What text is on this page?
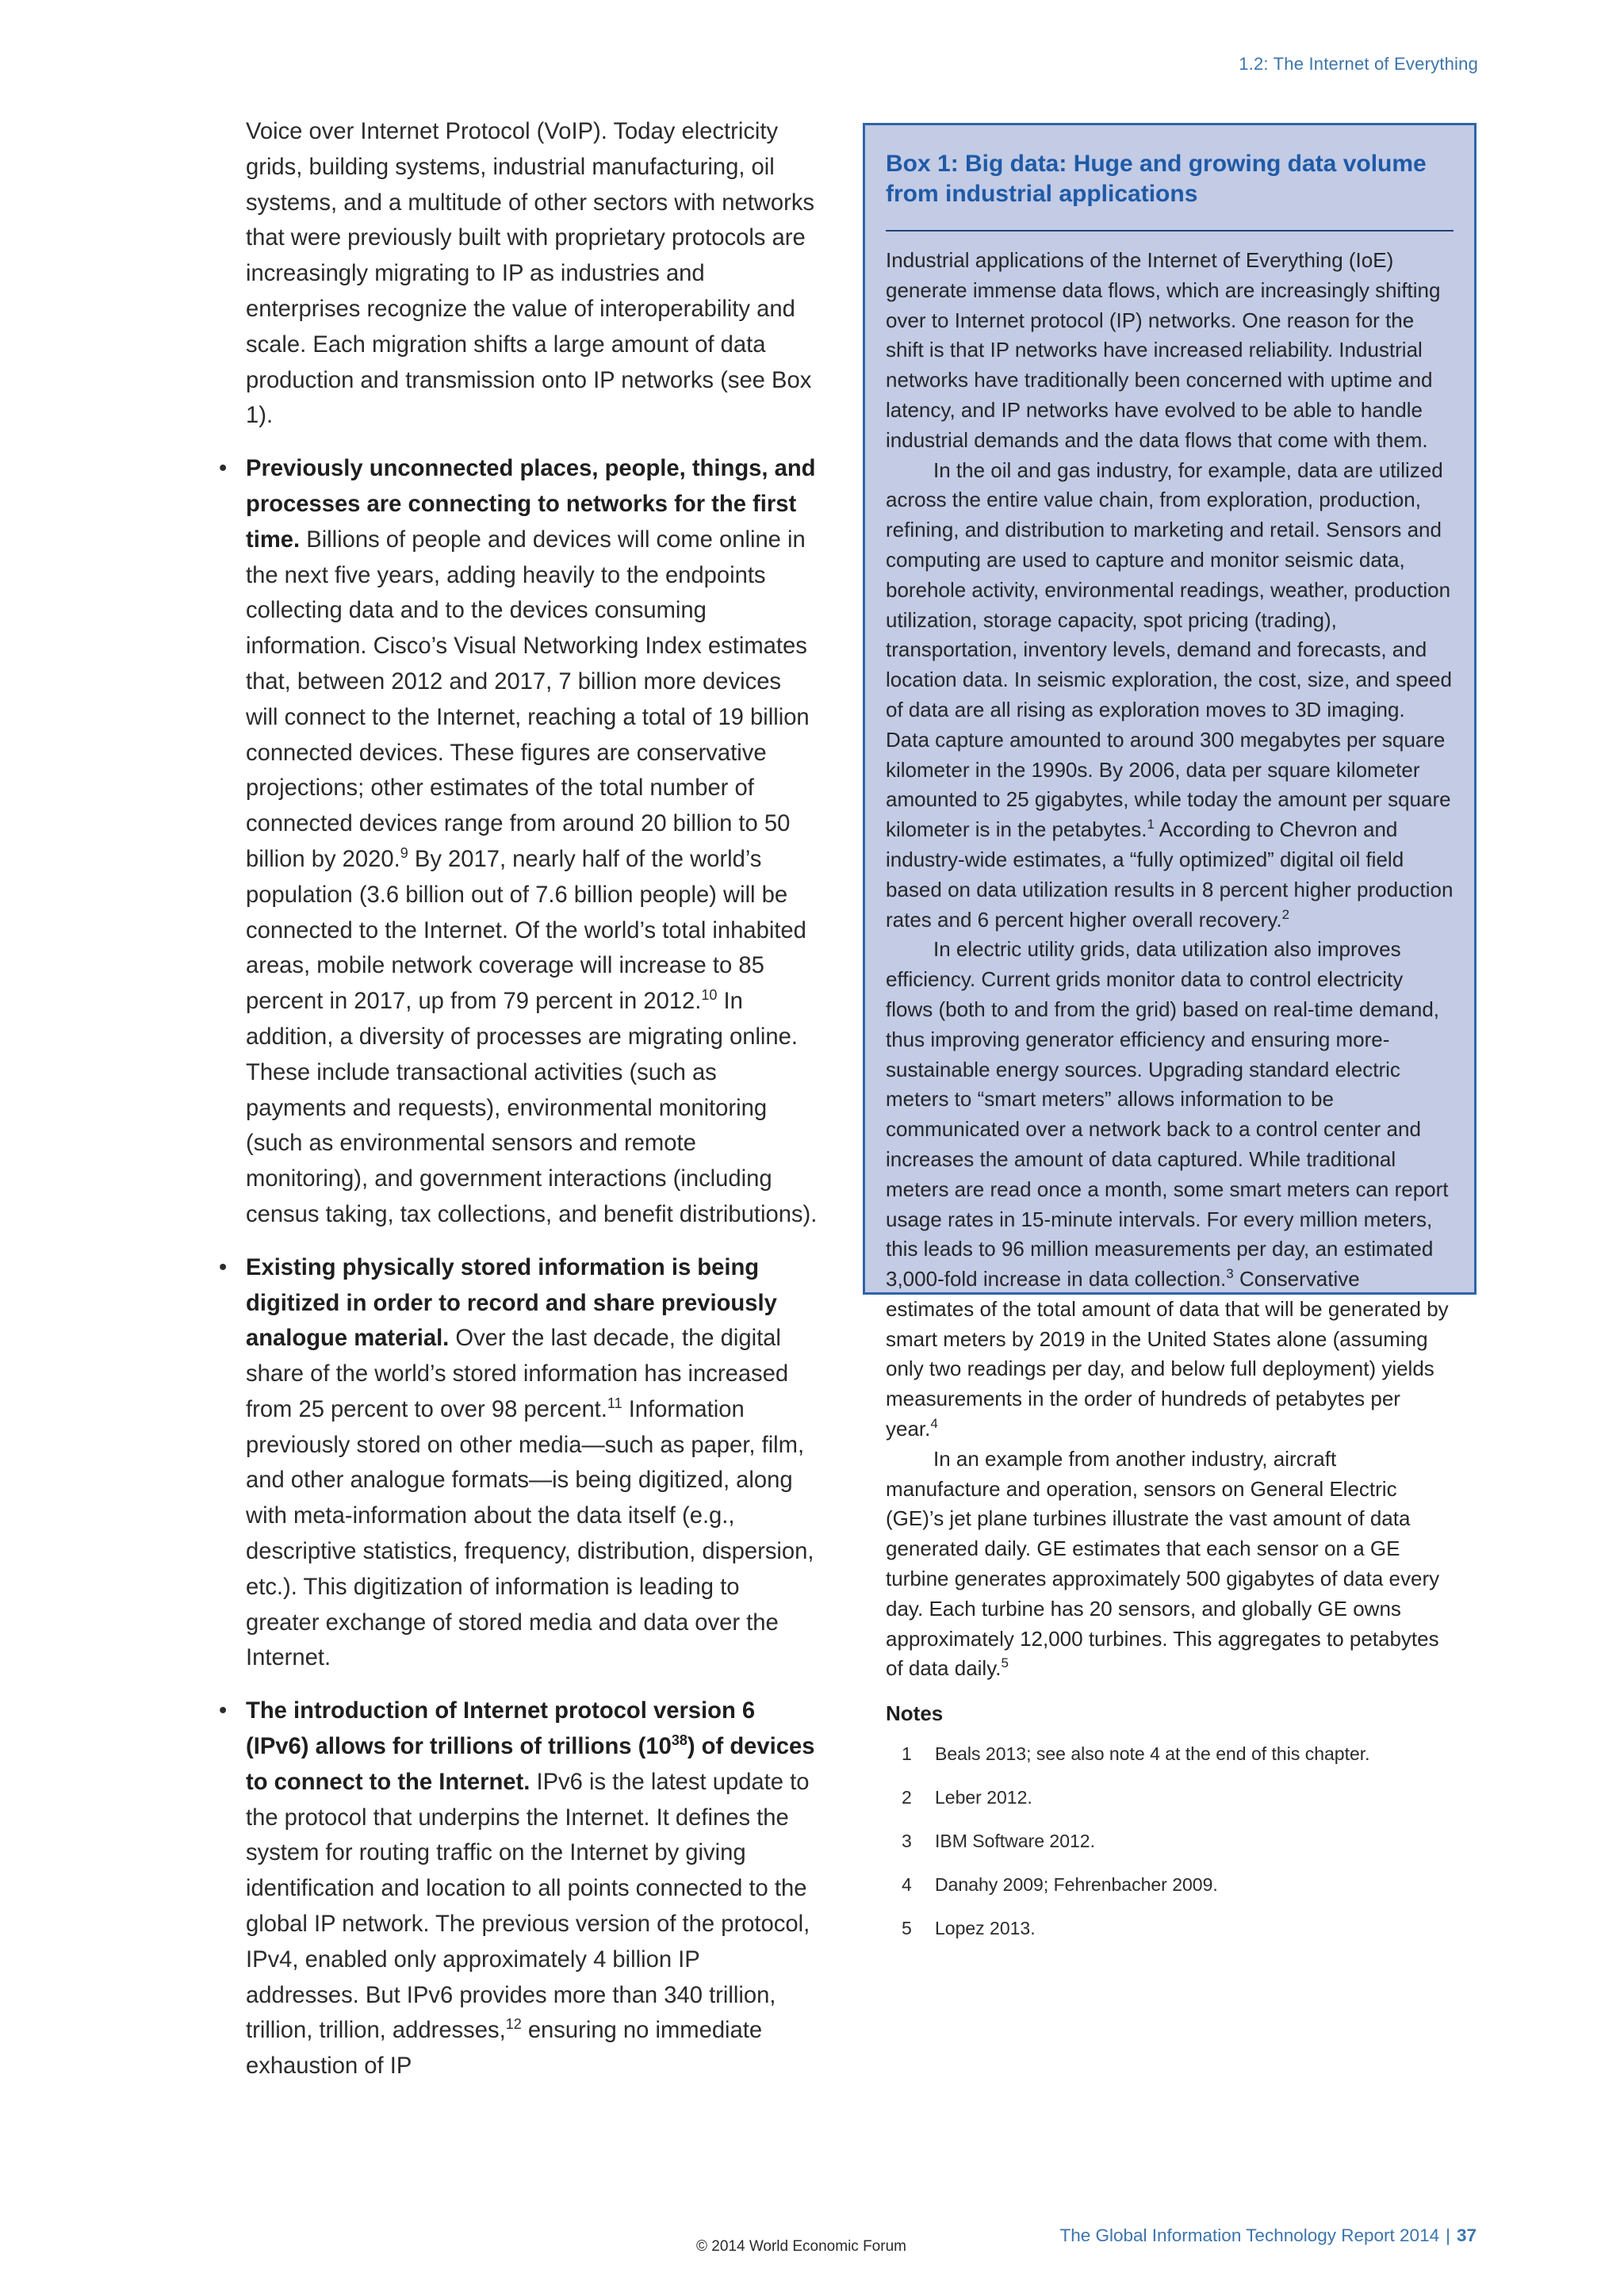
1.2: The Internet of Everything

Voice over Internet Protocol (VoIP). Today electricity grids, building systems, industrial manufacturing, oil systems, and a multitude of other sectors with networks that were previously built with proprietary protocols are increasingly migrating to IP as industries and enterprises recognize the value of interoperability and scale. Each migration shifts a large amount of data production and transmission onto IP networks (see Box 1).

• Previously unconnected places, people, things, and processes are connecting to networks for the first time. Billions of people and devices will come online in the next five years, adding heavily to the endpoints collecting data and to the devices consuming information. Cisco’s Visual Networking Index estimates that, between 2012 and 2017, 7 billion more devices will connect to the Internet, reaching a total of 19 billion connected devices. These figures are conservative projections; other estimates of the total number of connected devices range from around 20 billion to 50 billion by 2020.$^9$ By 2017, nearly half of the world’s population (3.6 billion out of 7.6 billion people) will be connected to the Internet. Of the world’s total inhabited areas, mobile network coverage will increase to 85 percent in 2017, up from 79 percent in 2012.10 In addition, a diversity of processes are migrating online. These include transactional activities (such as payments and requests), environmental monitoring (such as environmental sensors and remote monitoring), and government interactions (including census taking, tax collections, and benefit distributions).

• Existing physically stored information is being digitized in order to record and share previously analogue material. Over the last decade, the digital share of the world’s stored information has increased from 25 percent to over 98 percent.$^{11}$ Information previously stored on other media—such as paper, film, and other analogue formats—is being digitized, along with meta-information about the data itself (e.g., descriptive statistics, frequency, distribution, dispersion, etc.). This digitization of information is leading to greater exchange of stored media and data over the Internet.

• The introduction of Internet protocol version 6 (IPv6) allows for trillions of trillions (10$^{38}$) of devices to connect to the Internet. IPv6 is the latest update to the protocol that underpins the Internet. It defines the system for routing traffic on the Internet by giving identification and location to all points connected to the global IP network. The previous version of the protocol, IPv4, enabled only approximately 4 billion IP addresses. But IPv6 provides more than 340 trillion, trillion, trillion, addresses,$^{12}$ ensuring no immediate exhaustion of IP

Box 1: Big data: Huge and growing data volume from industrial applications

Industrial applications of the Internet of Everything (IoE) generate immense data flows, which are increasingly shifting over to Internet protocol (IP) networks. One reason for the shift is that IP networks have increased reliability. Industrial networks have traditionally been concerned with uptime and latency, and IP networks have evolved to be able to handle industrial demands and the data flows that come with them.

In the oil and gas industry, for example, data are utilized across the entire value chain, from exploration, production, refining, and distribution to marketing and retail. Sensors and computing are used to capture and monitor seismic data, borehole activity, environmental readings, weather, production utilization, storage capacity, spot pricing (trading), transportation, inventory levels, demand and forecasts, and location data. In seismic exploration, the cost, size, and speed of data are all rising as exploration moves to 3D imaging. Data capture amounted to around 300 megabytes per square kilometer in the 1990s. By 2006, data per square kilometer amounted to 25 gigabytes, while today the amount per square kilometer is in the petabytes.$^1$ According to Chevron and industry-wide estimates, a “fully optimized” digital oil field based on data utilization results in 8 percent higher production rates and 6 percent higher overall recovery.$^2$

In electric utility grids, data utilization also improves efficiency. Current grids monitor data to control electricity flows (both to and from the grid) based on real-time demand, thus improving generator efficiency and ensuring more-sustainable energy sources. Upgrading standard electric meters to “smart meters” allows information to be communicated over a network back to a control center and increases the amount of data captured. While traditional meters are read once a month, some smart meters can report usage rates in 15-minute intervals. For every million meters, this leads to 96 million measurements per day, an estimated 3,000-fold increase in data collection.$^3$ Conservative estimates of the total amount of data that will be generated by smart meters by 2019 in the United States alone (assuming only two readings per day, and below full deployment) yields measurements in the order of hundreds of petabytes per year.$^4$

In an example from another industry, aircraft manufacture and operation, sensors on General Electric (GE)’s jet plane turbines illustrate the vast amount of data generated daily. GE estimates that each sensor on a GE turbine generates approximately 500 gigabytes of data every day. Each turbine has 20 sensors, and globally GE owns approximately 12,000 turbines. This aggregates to petabytes of data daily.$^5$

Notes
1	Beals 2013; see also note 4 at the end of this chapter.
2	Leber 2012.
3	IBM Software 2012.
4	Danahy 2009; Fehrenbacher 2009.
5	Lopez 2013.
The Global Information Technology Report 2014 | 37
© 2014 World Economic Forum
